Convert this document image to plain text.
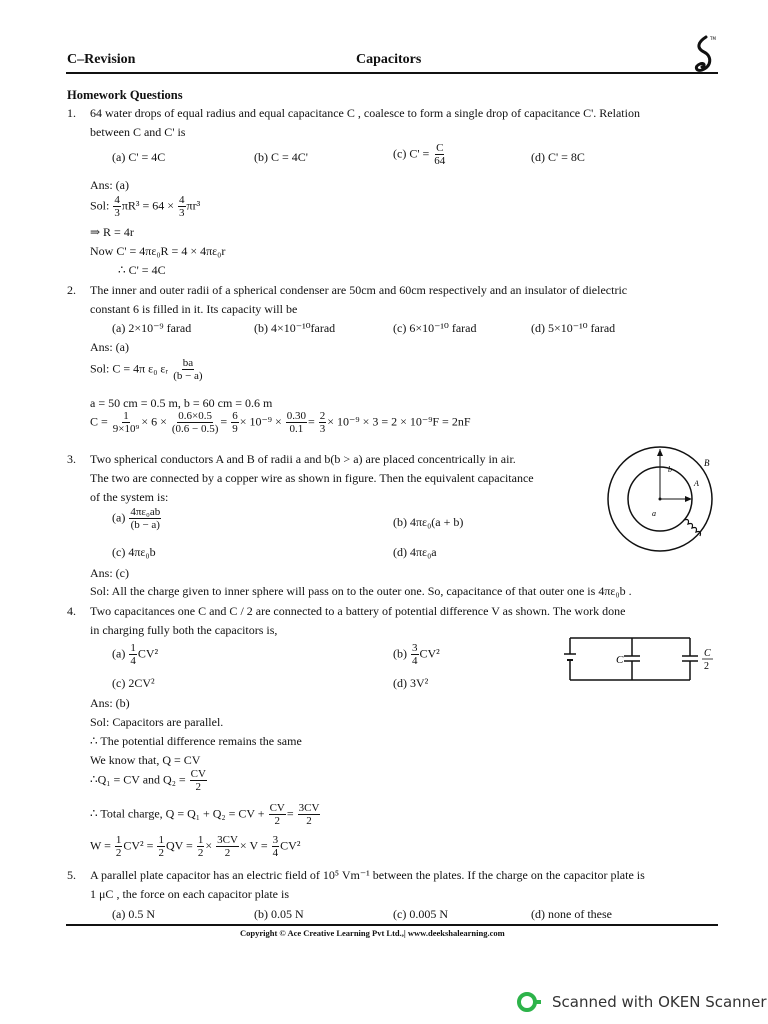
C–Revision	Capacitors
TM
Homework Questions
1. 64 water drops of equal radius and equal capacitance C , coalesce to form a single drop of capacitance C'. Relation
between C and C' is
(a) C' = 4C	(b) C = 4C'	(c) $C' = \frac{C}{64}$	(d) C' = 8C
Ans: (a)
Sol: $\frac{4}{3} \pi R^3 = 64 \times \frac{4}{3} \pi r^3$
⇒ R = 4r
Now C' = 4πε₀R = 4 × 4πε₀r
∴ C' = 4C
2. The inner and outer radii of a spherical condenser are 50cm and 60cm respectively and an insulator of dielectric
constant 6 is filled in it. Its capacity will be
(a) 2×10⁻⁹ farad	(b) 4×10⁻¹⁰farad	(c) 6×10⁻¹⁰ farad	(d) 5×10⁻¹⁰ farad
Ans: (a)
Sol: C = 4π ε₀ εᵣ $\frac{ba}{(b - a)}$
a = 50 cm = 0.5 m, b = 60 cm = 0.6 m
$C = \frac{1}{\text{9×10⁹}} \times 6 \times \frac{0.6\times 0.5}{(0.6 - 0.5)} = \frac{6}{9} \times 10^{-9} \times \frac{0.30}{0.1} = \frac{2}{3} \times 10^{-9} \times 3 = 2 \times 10^{-9}F = 2nF$
3. Two spherical conductors A and B of radii a and b(b > a) are placed concentrically in air.
The two are connected by a copper wire as shown in figure. Then the equivalent capacitance
of the system is:
$(a) \frac{\text{4πε₀ab}}{(b - a)}$	(b) 4πε₀(a + b)
(c) 4πε₀b	(d) 4πε₀a
Ans: (c)
Sol: All the charge given to inner sphere will pass on to the outer one. So, capacitance of that outer one is 4πε₀b .
B
b
A
a
4. Two capacitances one C and C / 2 are connected to a battery of potential difference V as shown. The work done
in charging fully both the capacitors is,
$(a) \frac{1}{4} CV^2$	$(b) \frac{3}{4} CV^2$
(c) 2CV²	(d) 3V²
Ans: (b)
Sol: Capacitors are parallel.
∴ The potential difference remains the same
We know that, Q = CV
∴Q₁ = CV and $Q_2 = \frac{CV}{2}$
∴ Total charge, Q = Q₁ + Q₂ = CV + $\frac{CV}{2} = \frac{3CV}{2}$
$W = \frac{1}{2} CV^2 = \frac{1}{2}$ QV = $\frac{1}{2} \times \frac{3CV}{2} \times V = \frac{3}{4} CV^2$
C
C
2
5. A parallel plate capacitor has an electric field of 10⁵ Vm⁻¹ between the plates. If the charge on the capacitor plate is
1 μC , the force on each capacitor plate is
(a) 0.5 N	(b) 0.05 N	(c) 0.005 N	(d) none of these
Copyright © Ace Creative Learning Pvt Ltd.,| www.deekshalearning.com
Scanned with OKEN Scanner
